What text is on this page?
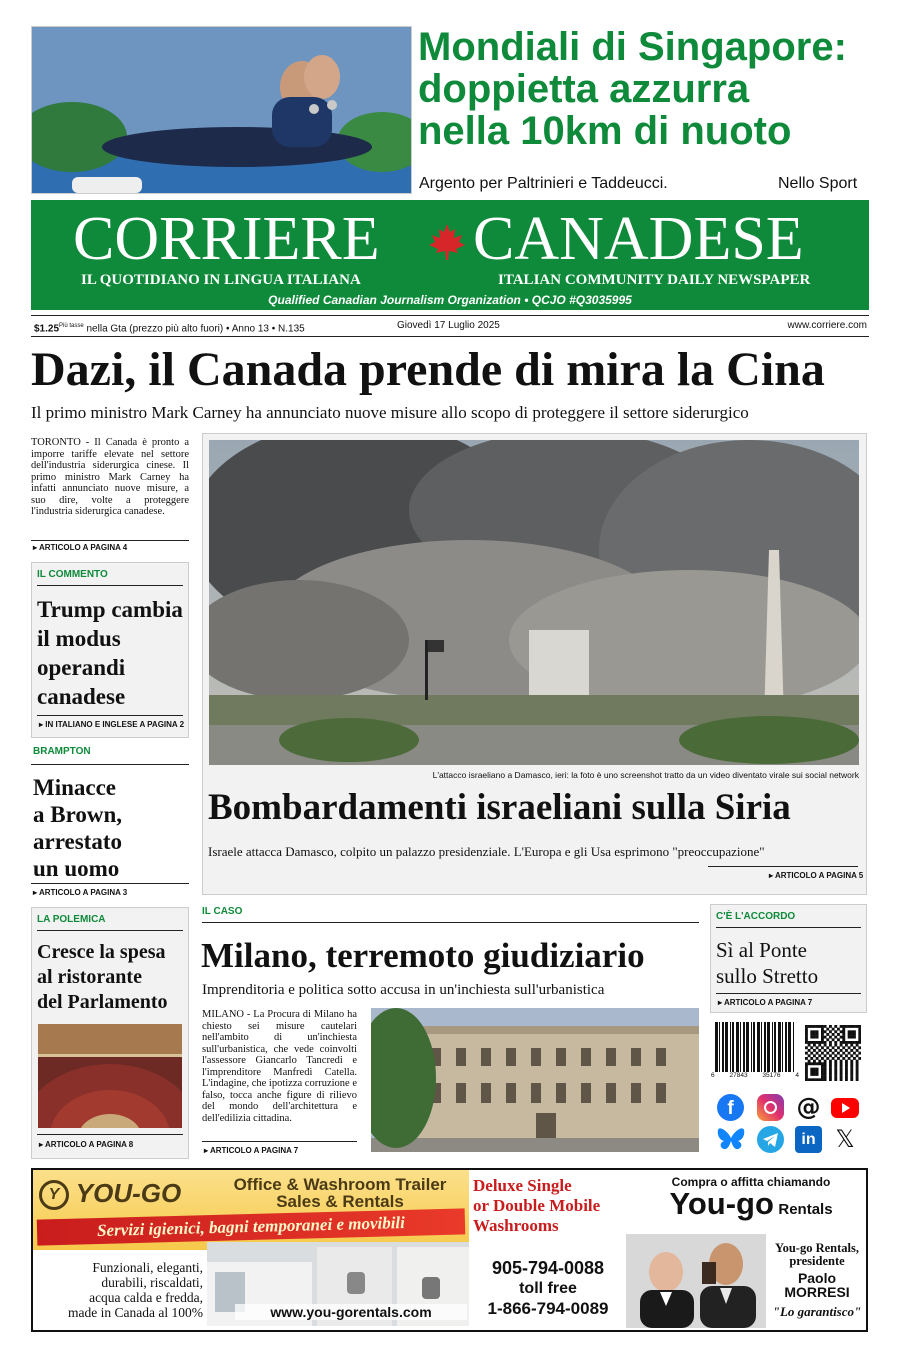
Mondiali di Singapore:
doppietta azzurra
nella 10km di nuoto
Argento per Paltrinieri e Taddeucci.	Nello Sport
CORRIERE CANADESE
IL QUOTIDIANO IN LINGUA ITALIANA	ITALIAN COMMUNITY DAILY NEWSPAPER
Qualified Canadian Journalism Organization • QCJO #Q3035995
$\$1.25^{Più tasse}$ nella Gta (prezzo più alto fuori) • Anno 13 • N.135	Giovedì 17 Luglio 2025	www.corriere.com
Dazi, il Canada prende di mira la Cina
Il primo ministro Mark Carney ha annunciato nuove misure allo scopo di proteggere il settore siderurgico
TORONTO - Il Canada è pronto a imporre tariffe elevate nel settore dell'industria siderurgica cinese. Il primo ministro Mark Carney ha infatti annunciato nuove misure, a suo dire, volte a proteggere l'industria siderurgica canadese.
▸ ARTICOLO A PAGINA 4
IL COMMENTO
Trump cambia
il modus
operandi
canadese
▸ IN ITALIANO E INGLESE A PAGINA 2
BRAMPTON
Minacce
a Brown,
arrestato
un uomo
▸ ARTICOLO A PAGINA 3
L'attacco israeliano a Damasco, ieri: la foto è uno screenshot tratto da un video diventato virale sui social network
Bombardamenti israeliani sulla Siria
Israele attacca Damasco, colpito un palazzo presidenziale. L'Europa e gli Usa esprimono "preoccupazione"
▸ ARTICOLO A PAGINA 5
LA POLEMICA
Cresce la spesa
al ristorante
del Parlamento
▸ ARTICOLO A PAGINA 8
IL CASO
Milano, terremoto giudiziario
Imprenditoria e politica sotto accusa in un'inchiesta sull'urbanistica
MILANO - La Procura di Milano ha chiesto sei misure cautelari nell'ambito di un'inchiesta sull'urbanistica, che vede coinvolti l'assessore Giancarlo Tancredi e l'imprenditore Manfredi Catella. L'indagine, che ipotizza corruzione e falso, tocca anche figure di rilievo del mondo dell'architettura e dell'edilizia cittadina.
▸ ARTICOLO A PAGINA 7
C'È L'ACCORDO
Sì al Ponte
sullo Stretto
▸ ARTICOLO A PAGINA 7
6 27843 35176 4
f	@
in 𝕏
Y YOU-GO	Office & Washroom Trailer
Sales & Rentals
Servizi igienici, bagni temporanei e movibili
Funzionali, eleganti,
durabili, riscaldati,
acqua calda e fredda,
made in Canada al 100%	www.you-gorentals.com
Deluxe Single
or Double Mobile
Washrooms
905-794-0088
toll free
1-866-794-0089
Compra o affitta chiamando
You-go Rentals
You-go Rentals,
presidente
Paolo
MORRESI
"Lo garantisco"
